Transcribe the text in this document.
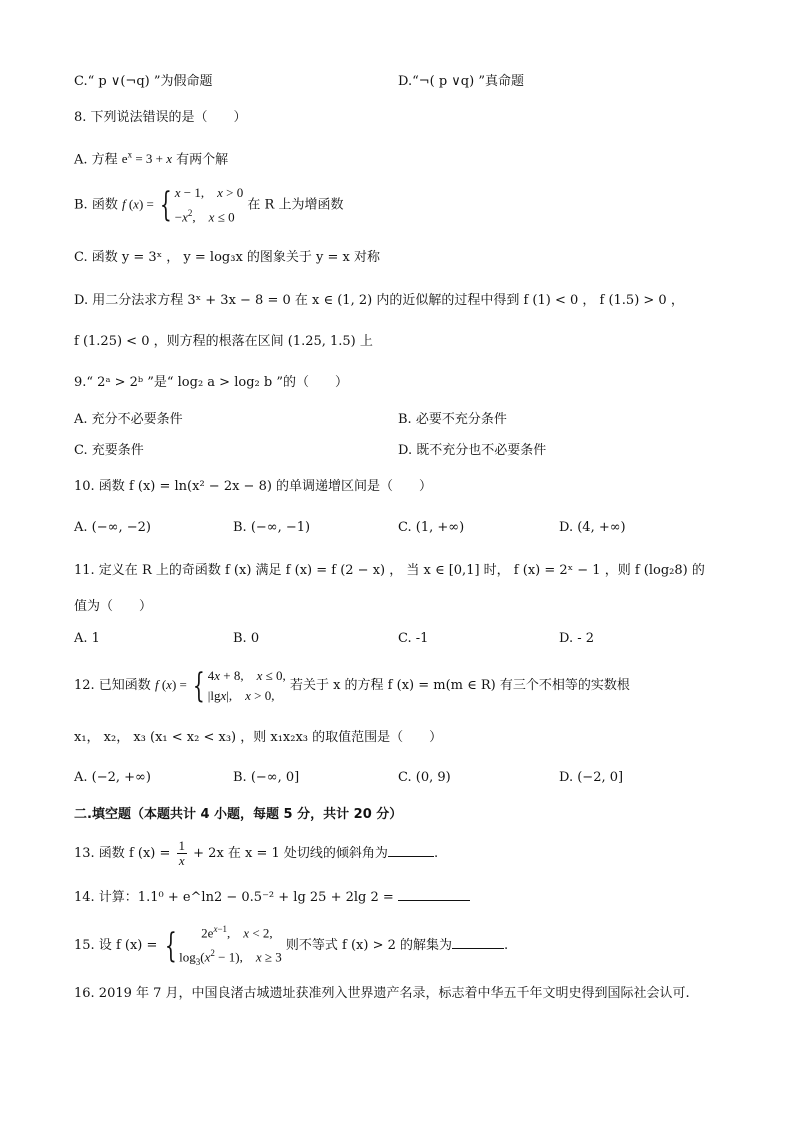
C.“ p ∨(¬q) ”为假命题	D.“¬( p ∨q) ”真命题
8. 下列说法错误的是（　　）
A. 方程 $e^x = 3 + x$ 有两个解
B. 函数 f (x) = { x − 1,　x > 0
$-x^2$,　x ≤ 0
在 R 上为增函数
C. 函数 y = 3ˣ ， y = log₃x 的图象关于 y = x 对称
D. 用二分法求方程 3ˣ + 3x − 8 = 0 在 x ∈ (1, 2) 内的近似解的过程中得到 f (1) < 0 ， f (1.5) > 0 ，
f (1.25) < 0 ，则方程的根落在区间 (1.25, 1.5) 上
9.“ 2ᵃ > 2ᵇ ”是“ log₂ a > log₂ b ”的（　　）
A. 充分不必要条件	B. 必要不充分条件
C. 充要条件	D. 既不充分也不必要条件
10. 函数 f (x) = ln(x² − 2x − 8) 的单调递增区间是（　　）
A. (−∞, −2)	B. (−∞, −1)	C. (1, +∞)	D. (4, +∞)
11. 定义在 R 上的奇函数 f (x) 满足 f (x) = f (2 − x) ， 当 x ∈ [0,1] 时， f (x) = 2ˣ − 1 ，则 f (log₂8) 的
值为（　　）
A. 1	B. 0	C. -1	D. - 2
12. 已知函数 f (x) = { 4x + 8,　x ≤ 0,
|lgx|,　x > 0,
若关于 x 的方程 f (x) = m(m ∈ R) 有三个不相等的实数根
x₁， x₂， x₃ (x₁ < x₂ < x₃) ，则 x₁x₂x₃ 的取值范围是（　　）
A. (−2, +∞)	B. (−∞, 0]	C. (0, 9)	D. (−2, 0]
二.填空题（本题共计 4 小题，每题 5 分，共计 20 分）
13. 函数 f $(x) = \frac{1}{x} + 2x$ 在 x = 1 处切线的倾斜角为	.
14. 计算：1.1⁰ + e^ln2 − 0.5⁻² + lg 25 + 2lg 2 =
15. 设 f (x) = {	$2e^{x-1}$,　x < 2,
$\log_3(x^2 - 1)$,　x ≥ 3
则不等式 f (x) > 2 的解集为	.
16. 2019 年 7 月，中国良渚古城遗址获准列入世界遗产名录，标志着中华五千年文明史得到国际社会认可.
